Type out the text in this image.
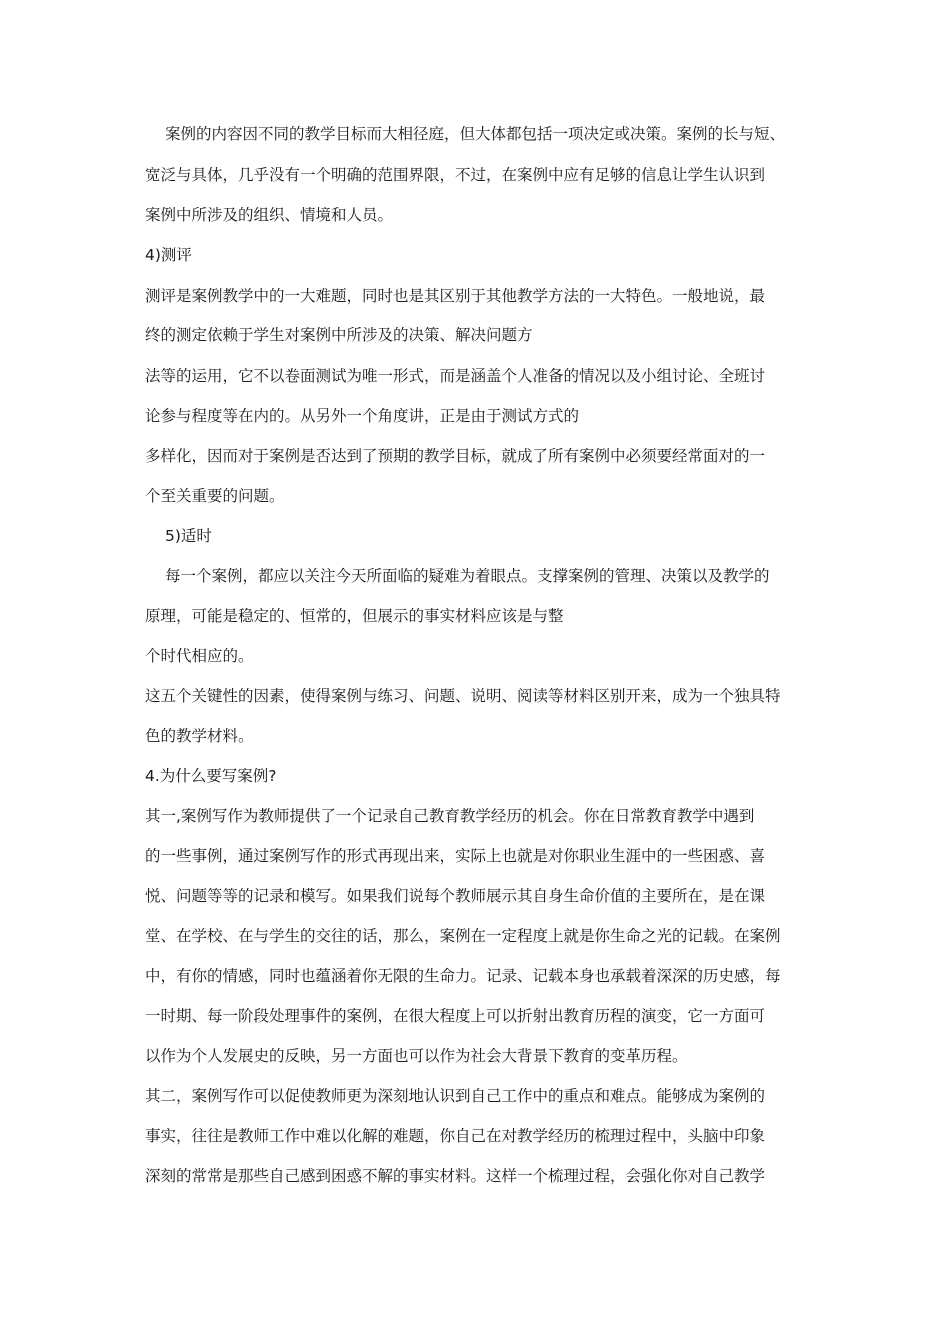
案例的内容因不同的教学目标而大相径庭，但大体都包括一项决定或决策。案例的长与短、
宽泛与具体，几乎没有一个明确的范围界限，不过，在案例中应有足够的信息让学生认识到
案例中所涉及的组织、情境和人员。
4)测评
测评是案例教学中的一大难题，同时也是其区别于其他教学方法的一大特色。一般地说，最
终的测定依赖于学生对案例中所涉及的决策、解决问题方
法等的运用，它不以卷面测试为唯一形式，而是涵盖个人准备的情况以及小组讨论、全班讨
论参与程度等在内的。从另外一个角度讲，正是由于测试方式的
多样化，因而对于案例是否达到了预期的教学目标，就成了所有案例中必须要经常面对的一
个至关重要的问题。
5)适时
每一个案例，都应以关注今天所面临的疑难为着眼点。支撑案例的管理、决策以及教学的
原理，可能是稳定的、恒常的，但展示的事实材料应该是与整
个时代相应的。
这五个关键性的因素，使得案例与练习、问题、说明、阅读等材料区别开来，成为一个独具特
色的教学材料。
4.为什么要写案例?
其一,案例写作为教师提供了一个记录自己教育教学经历的机会。你在日常教育教学中遇到
的一些事例，通过案例写作的形式再现出来，实际上也就是对你职业生涯中的一些困惑、喜
悦、问题等等的记录和模写。如果我们说每个教师展示其自身生命价值的主要所在，是在课
堂、在学校、在与学生的交往的话，那么，案例在一定程度上就是你生命之光的记载。在案例
中，有你的情感，同时也蕴涵着你无限的生命力。记录、记载本身也承载着深深的历史感，每
一时期、每一阶段处理事件的案例，在很大程度上可以折射出教育历程的演变，它一方面可
以作为个人发展史的反映，另一方面也可以作为社会大背景下教育的变革历程。
其二，案例写作可以促使教师更为深刻地认识到自己工作中的重点和难点。能够成为案例的
事实，往往是教师工作中难以化解的难题，你自己在对教学经历的梳理过程中，头脑中印象
深刻的常常是那些自己感到困惑不解的事实材料。这样一个梳理过程，会强化你对自己教学
